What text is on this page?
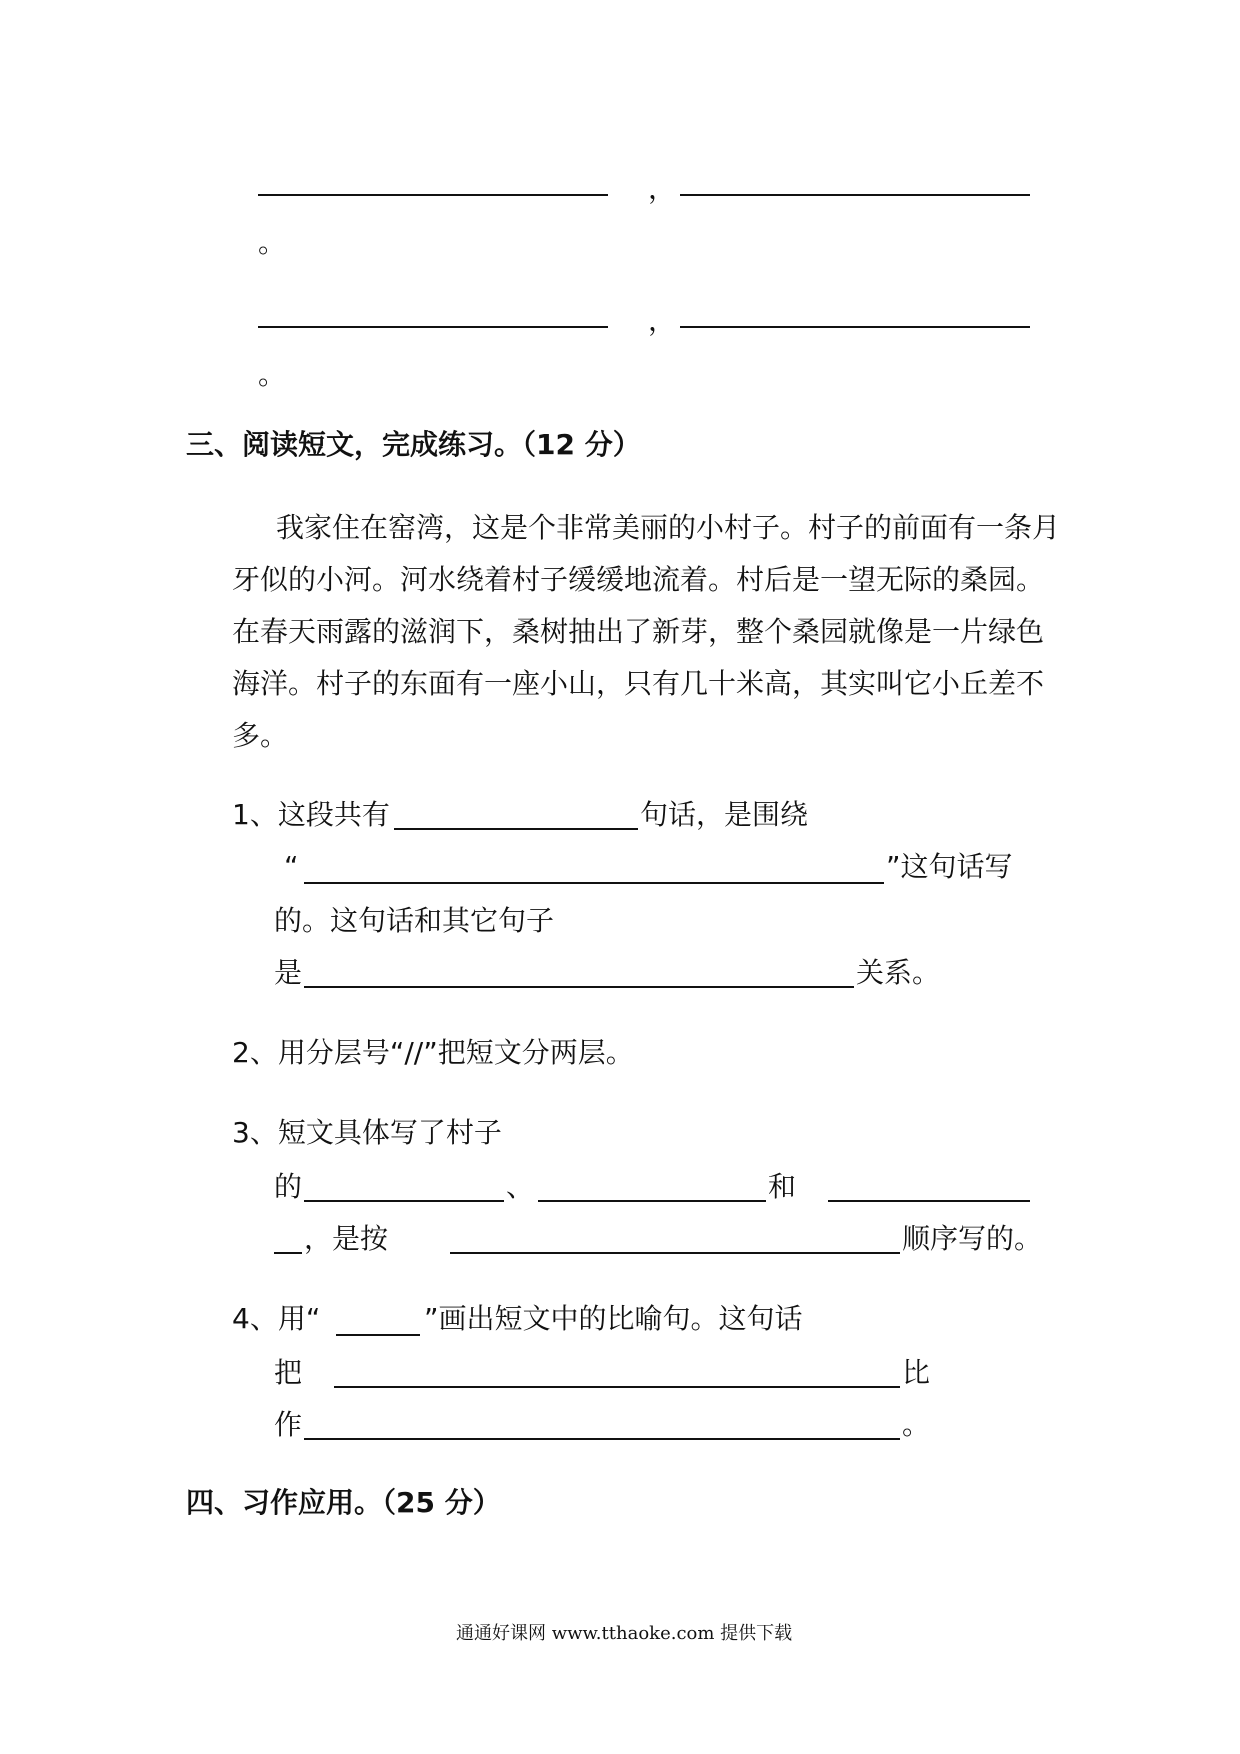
，
。
，
。
三、阅读短文，完成练习。（12 分）

我家住在窑湾，这是个非常美丽的小村子。村子的前面有一条月牙似的小河。河水绕着村子缓缓地流着。村后是一望无际的桑园。在春天雨露的滋润下，桑树抽出了新芽，整个桑园就像是一片绿色海洋。村子的东面有一座小山，只有几十米高，其实叫它小丘差不多。

1、这段共有	句话，是围绕
“	”这句话写
的。这句话和其它句子
是	关系。
2、用分层号“//”把短文分两层。
3、短文具体写了村子
的	、	和
，是按	顺序写的。
4、用“	”画出短文中的比喻句。这句话
把	比
作	。
四、习作应用。（25 分）
通通好课网 www.tthaoke.com 提供下载
